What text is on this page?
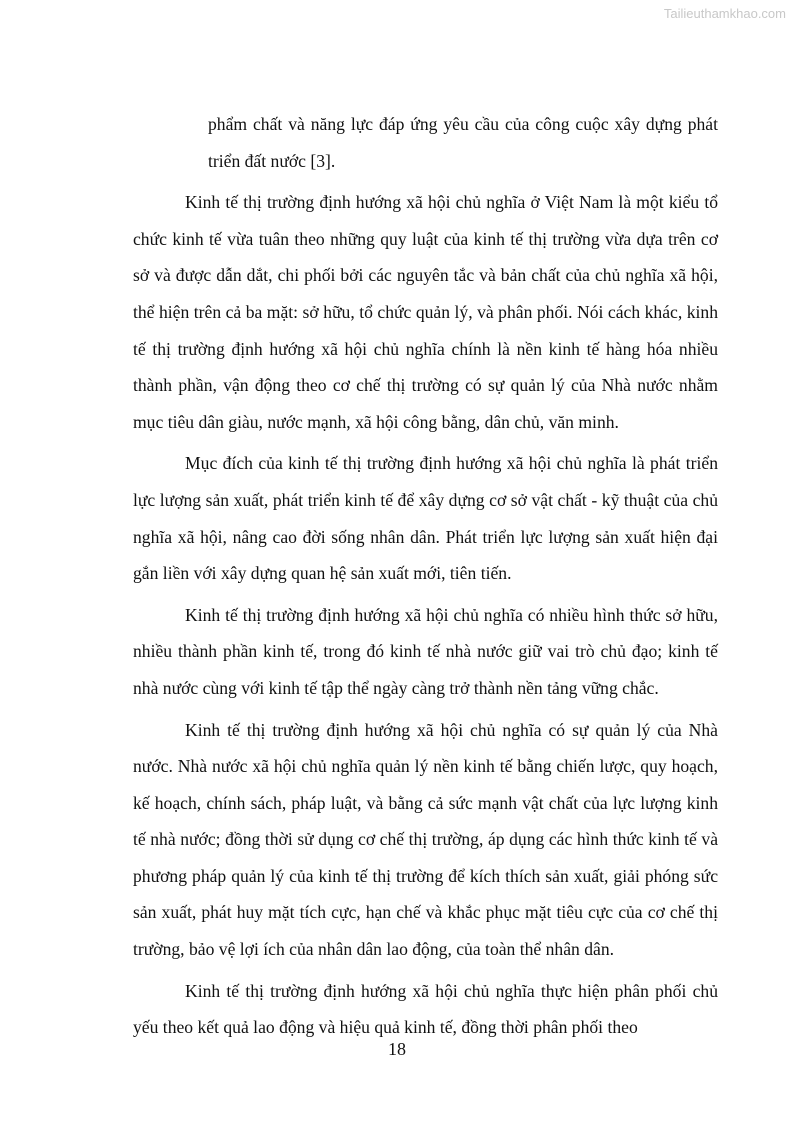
Tailieuthamkhao.com

phẩm chất và năng lực đáp ứng yêu cầu của công cuộc xây dựng phát triển đất nước [3].

Kinh tế thị trường định hướng xã hội chủ nghĩa ở Việt Nam là một kiểu tổ chức kinh tế vừa tuân theo những quy luật của kinh tế thị trường vừa dựa trên cơ sở và được dẫn dắt, chi phối bởi các nguyên tắc và bản chất của chủ nghĩa xã hội, thể hiện trên cả ba mặt: sở hữu, tổ chức quản lý, và phân phối. Nói cách khác, kinh tế thị trường định hướng xã hội chủ nghĩa chính là nền kinh tế hàng hóa nhiều thành phần, vận động theo cơ chế thị trường có sự quản lý của Nhà nước nhằm mục tiêu dân giàu, nước mạnh, xã hội công bằng, dân chủ, văn minh.

Mục đích của kinh tế thị trường định hướng xã hội chủ nghĩa là phát triển lực lượng sản xuất, phát triển kinh tế để xây dựng cơ sở vật chất - kỹ thuật của chủ nghĩa xã hội, nâng cao đời sống nhân dân. Phát triển lực lượng sản xuất hiện đại gắn liền với xây dựng quan hệ sản xuất mới, tiên tiến.

Kinh tế thị trường định hướng xã hội chủ nghĩa có nhiều hình thức sở hữu, nhiều thành phần kinh tế, trong đó kinh tế nhà nước giữ vai trò chủ đạo; kinh tế nhà nước cùng với kinh tế tập thể ngày càng trở thành nền tảng vững chắc.

Kinh tế thị trường định hướng xã hội chủ nghĩa có sự quản lý của Nhà nước. Nhà nước xã hội chủ nghĩa quản lý nền kinh tế bằng chiến lược, quy hoạch, kế hoạch, chính sách, pháp luật, và bằng cả sức mạnh vật chất của lực lượng kinh tế nhà nước; đồng thời sử dụng cơ chế thị trường, áp dụng các hình thức kinh tế và phương pháp quản lý của kinh tế thị trường để kích thích sản xuất, giải phóng sức sản xuất, phát huy mặt tích cực, hạn chế và khắc phục mặt tiêu cực của cơ chế thị trường, bảo vệ lợi ích của nhân dân lao động, của toàn thể nhân dân.

Kinh tế thị trường định hướng xã hội chủ nghĩa thực hiện phân phối chủ yếu theo kết quả lao động và hiệu quả kinh tế, đồng thời phân phối theo

18
